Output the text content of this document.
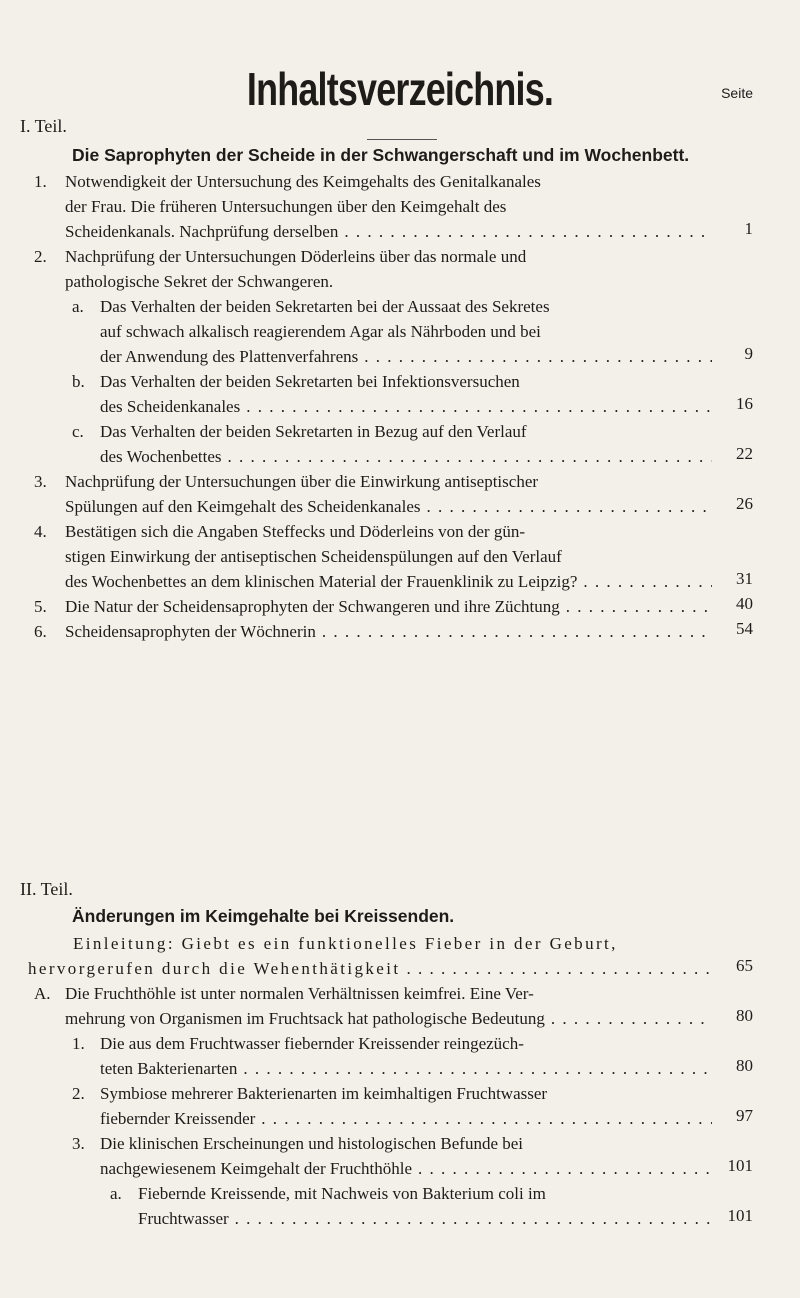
Inhaltsverzeichnis.	Seite
I. Teil.
Die Saprophyten der Scheide in der Schwangerschaft und im Wochenbett.
1. Notwendigkeit der Untersuchung des Keimgehalts des Genitalkanales
der Frau. Die früheren Untersuchungen über den Keimgehalt des
Scheidenkanals. Nachprüfung derselben
. . .
2. Nachprüfung der Untersuchungen Döderleins über das normale und
pathologische Sekret der Schwangeren.
a. Das Verhalten der beiden Sekretarten bei der Aussaat des Sekretes
auf schwach alkalisch reagierendem Agar als Nährboden und bei
der Anwendung des Plattenverfahrens
. . .
b. Das Verhalten der beiden Sekretarten bei Infektionsversuchen
des Scheidenkanales
. . .
c. Das Verhalten der beiden Sekretarten in Bezug auf den Verlauf
des Wochenbettes
. . .
3. Nachprüfung der Untersuchungen über die Einwirkung antiseptischer
Spülungen auf den Keimgehalt des Scheidenkanales
. . .
4. Bestätigen sich die Angaben Steffecks und Döderleins von der gün-
stigen Einwirkung der antiseptischen Scheidenspülungen auf den Verlauf
des Wochenbettes an dem klinischen Material der Frauenklinik zu Leipzig?
. . .
5. Die Natur der Scheidensaprophyten der Schwangeren und ihre Züchtung
. . .
6. Scheidensaprophyten der Wöchnerin
. . .
II. Teil.
Änderungen im Keimgehalte bei Kreissenden.
Einleitung: Giebt es ein funktionelles Fieber in der Geburt,
hervorgerufen durch die Wehenthätigkeit
. . .	65
A. Die Fruchthöhle ist unter normalen Verhältnissen keimfrei. Eine Ver-
mehrung von Organismen im Fruchtsack hat pathologische Bedeutung
. . .
1. Die aus dem Fruchtwasser fiebernder Kreissender reingezüch-
teten Bakterienarten
. . .
2. Symbiose mehrerer Bakterienarten im keimhaltigen Fruchtwasser
fiebernder Kreissender
. . .
3. Die klinischen Erscheinungen und histologischen Befunde bei
nachgewiesenem Keimgehalt der Fruchthöhle
. . .
a. Fiebernde Kreissende, mit Nachweis von Bakterium coli im
Fruchtwasser
. . .
1
9
16
22
26
31
40
54
80
80
97
101
101
